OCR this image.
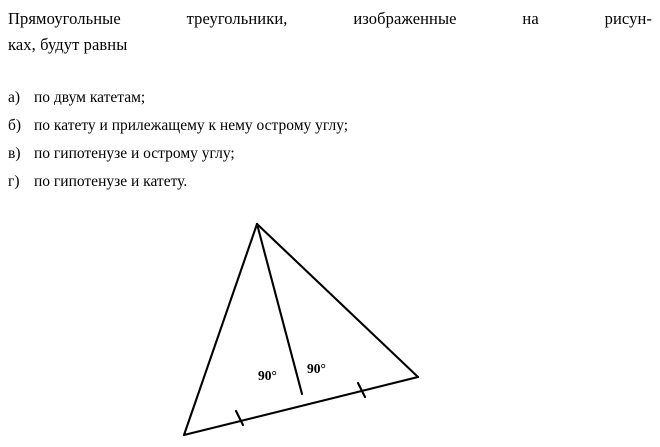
Прямоугольные треугольники, изображенные на рисун-
ках, будут равны
а) по двум катетам;
б) по катету и прилежащему к нему острому углу;
в) по гипотенузе и острому углу;
г) по гипотенузе и катету.
90° 90°
